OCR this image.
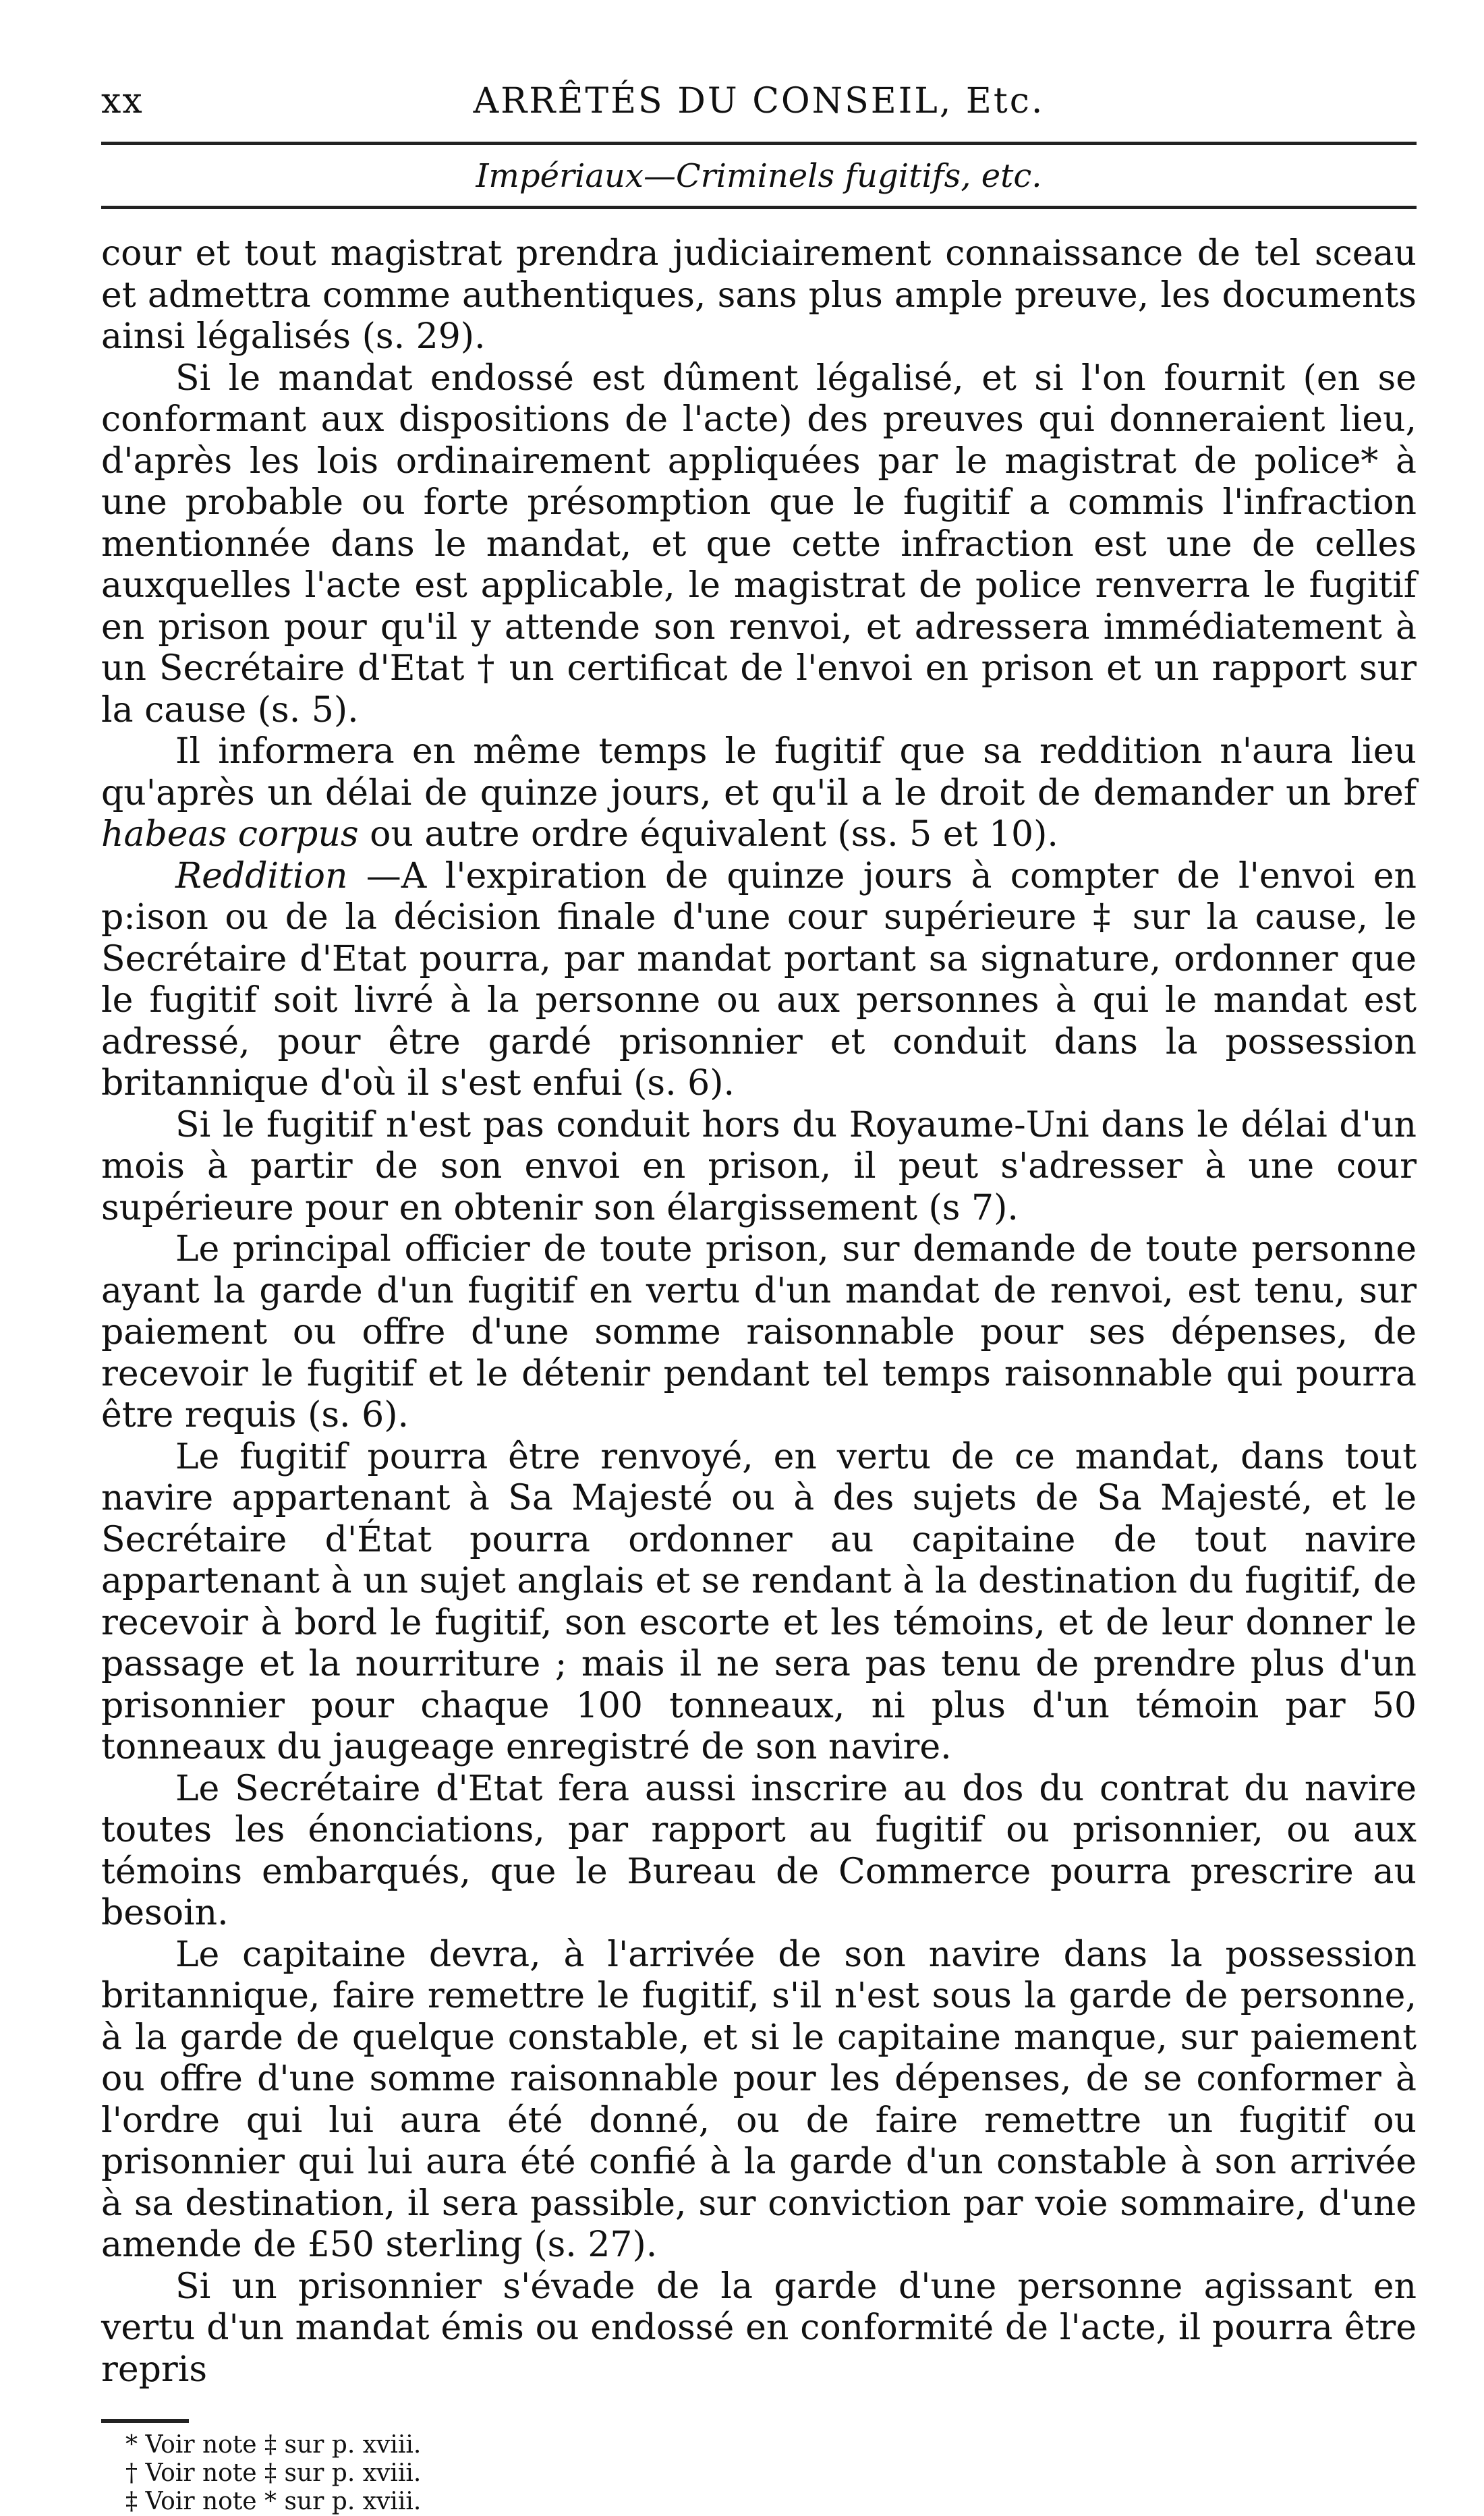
xx	ARRÊTÉS DU CONSEIL, Etc.
Impériaux—Criminels fugitifs, etc.

cour et tout magistrat prendra judiciairement connaissance de tel sceau et admettra comme authentiques, sans plus ample preuve, les documents ainsi légalisés (s. 29).

Si le mandat endossé est dûment légalisé, et si l'on fournit (en se conformant aux dispositions de l'acte) des preuves qui donneraient lieu, d'après les lois ordinairement appliquées par le magistrat de police* à une probable ou forte présomption que le fugitif a commis l'infraction mentionnée dans le mandat, et que cette infraction est une de celles auxquelles l'acte est applicable, le magistrat de police renverra le fugitif en prison pour qu'il y attende son renvoi, et adressera immédiatement à un Secrétaire d'Etat † un certificat de l'envoi en prison et un rapport sur la cause (s. 5).

Il informera en même temps le fugitif que sa reddition n'aura lieu qu'après un délai de quinze jours, et qu'il a le droit de demander un bref habeas corpus ou autre ordre équivalent (ss. 5 et 10).

Reddition —A l'expiration de quinze jours à compter de l'envoi en p:ison ou de la décision finale d'une cour supérieure ‡ sur la cause, le Secrétaire d'Etat pourra, par mandat portant sa signature, ordonner que le fugitif soit livré à la personne ou aux personnes à qui le mandat est adressé, pour être gardé prisonnier et conduit dans la possession britannique d'où il s'est enfui (s. 6).

Si le fugitif n'est pas conduit hors du Royaume-Uni dans le délai d'un mois à partir de son envoi en prison, il peut s'adresser à une cour supérieure pour en obtenir son élargissement (s 7).

Le principal officier de toute prison, sur demande de toute personne ayant la garde d'un fugitif en vertu d'un mandat de renvoi, est tenu, sur paiement ou offre d'une somme raisonnable pour ses dépenses, de recevoir le fugitif et le détenir pendant tel temps raisonnable qui pourra être requis (s. 6).

Le fugitif pourra être renvoyé, en vertu de ce mandat, dans tout navire appartenant à Sa Majesté ou à des sujets de Sa Majesté, et le Secrétaire d'État pourra ordonner au capitaine de tout navire appartenant à un sujet anglais et se rendant à la destination du fugitif, de recevoir à bord le fugitif, son escorte et les témoins, et de leur donner le passage et la nourriture ; mais il ne sera pas tenu de prendre plus d'un prisonnier pour chaque 100 tonneaux, ni plus d'un témoin par 50 tonneaux du jaugeage enregistré de son navire.

Le Secrétaire d'Etat fera aussi inscrire au dos du contrat du navire toutes les énonciations, par rapport au fugitif ou prisonnier, ou aux témoins embarqués, que le Bureau de Commerce pourra prescrire au besoin.

Le capitaine devra, à l'arrivée de son navire dans la possession britannique, faire remettre le fugitif, s'il n'est sous la garde de personne, à la garde de quelque constable, et si le capitaine manque, sur paiement ou offre d'une somme raisonnable pour les dépenses, de se conformer à l'ordre qui lui aura été donné, ou de faire remettre un fugitif ou prisonnier qui lui aura été confié à la garde d'un constable à son arrivée à sa destination, il sera passible, sur conviction par voie sommaire, d'une amende de £50 sterling (s. 27).

Si un prisonnier s'évade de la garde d'une personne agissant en vertu d'un mandat émis ou endossé en conformité de l'acte, il pourra être repris

* Voir note ‡ sur p. xviii.
† Voir note ‡ sur p. xviii.
‡ Voir note * sur p. xviii.
